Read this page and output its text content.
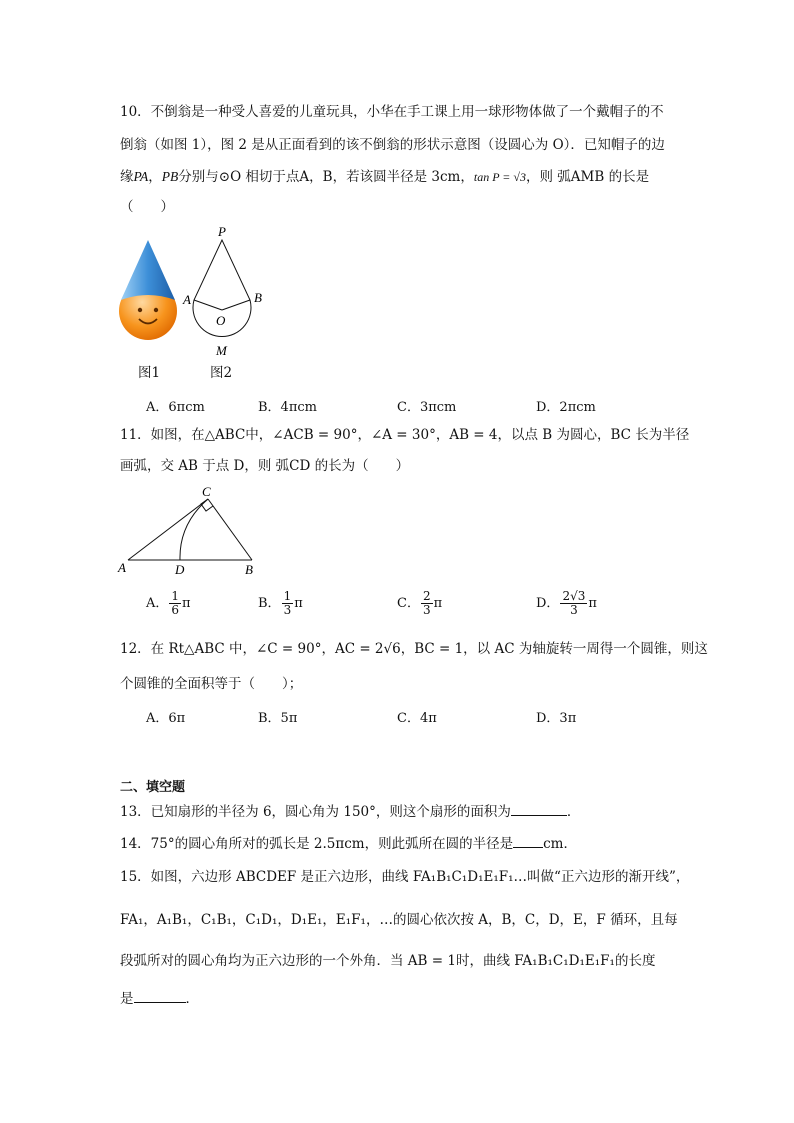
10．不倒翁是一种受人喜爱的儿童玩具，小华在手工课上用一球形物体做了一个戴帽子的不
倒翁（如图 1），图 2 是从正面看到的该不倒翁的形状示意图（设圆心为 O）．已知帽子的边
缘PA，PB分别与⊙O 相切于点A，B，若该圆半径是 3cm，tan P = √3，则 弧AMB 的长是
（　　）
P
A	B
O
M
图1	图2
A．6πcm	B．4πcm	C．3πcm	D．2πcm
11．如图，在△ABC中，∠ACB = 90°，∠A = 30°，AB = 4，以点 B 为圆心，BC 长为半径
画弧，交 AB 于点 D，则 弧CD 的长为（　　）
C
A	D	B
A． $\frac{1}{6}$ π	B． $\frac{1}{3}$ π	C． $\frac{2}{3}$ π	D． $\frac{2√3}{3}$ π
12．在 Rt△ABC 中，∠C = 90°，AC = 2√6，BC = 1，以 AC 为轴旋转一周得一个圆锥，则这
个圆锥的全面积等于（　　）；
A．6π	B．5π	C．4π	D．3π
二、填空题
13．已知扇形的半径为 6，圆心角为 150°，则这个扇形的面积为	．
14．75°的圆心角所对的弧长是 2.5πcm，则此弧所在圆的半径是 cm．
15．如图，六边形 ABCDEF 是正六边形，曲线 FA₁B₁C₁D₁E₁F₁…叫做“正六边形的渐开线”，
FA₁，A₁B₁，C₁B₁，C₁D₁，D₁E₁，E₁F₁，…的圆心依次按 A，B，C，D，E，F 循环，且每
段弧所对的圆心角均为正六边形的一个外角．当 AB = 1时，曲线 FA₁B₁C₁D₁E₁F₁的长度
是	．
